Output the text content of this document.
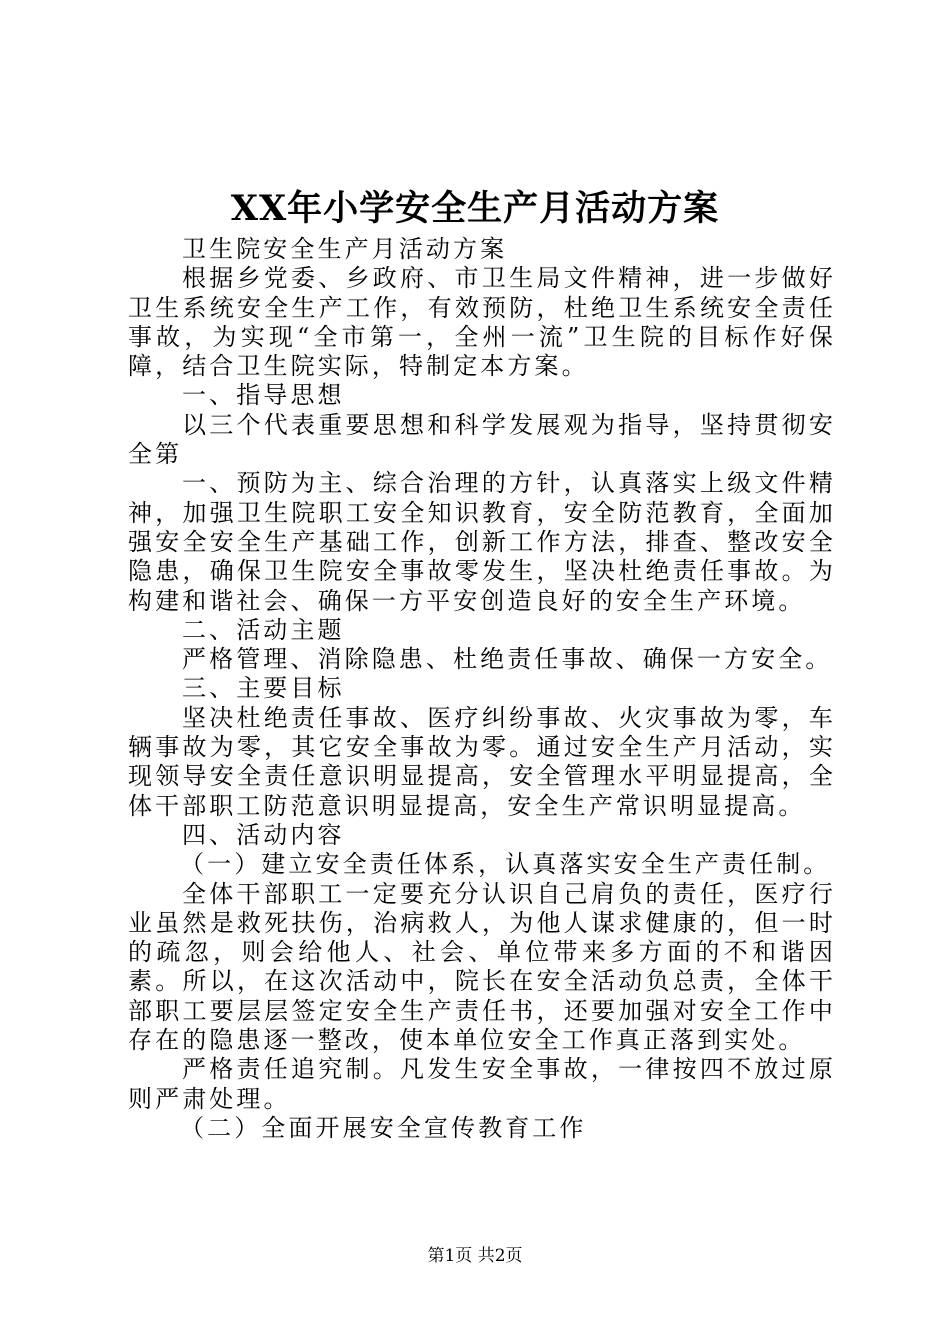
XX年小学安全生产月活动方案

卫生院安全生产月活动方案

根据乡党委、乡政府、市卫生局文件精神，进一步做好卫生系统安全生产工作，有效预防，杜绝卫生系统安全责任事故，为实现“全市第一，全州一流”卫生院的目标作好保障，结合卫生院实际，特制定本方案。

一、指导思想

以三个代表重要思想和科学发展观为指导，坚持贯彻安全第

一、预防为主、综合治理的方针，认真落实上级文件精神，加强卫生院职工安全知识教育，安全防范教育，全面加强安全安全生产基础工作，创新工作方法，排查、整改安全隐患，确保卫生院安全事故零发生，坚决杜绝责任事故。为构建和谐社会、确保一方平安创造良好的安全生产环境。

二、活动主题

严格管理、消除隐患、杜绝责任事故、确保一方安全。

三、主要目标

坚决杜绝责任事故、医疗纠纷事故、火灾事故为零，车辆事故为零，其它安全事故为零。通过安全生产月活动，实现领导安全责任意识明显提高，安全管理水平明显提高，全体干部职工防范意识明显提高，安全生产常识明显提高。

四、活动内容

（一）建立安全责任体系，认真落实安全生产责任制。

全体干部职工一定要充分认识自己肩负的责任，医疗行业虽然是救死扶伤，治病救人，为他人谋求健康的，但一时的疏忽，则会给他人、社会、单位带来多方面的不和谐因素。所以，在这次活动中，院长在安全活动负总责，全体干部职工要层层签定安全生产责任书，还要加强对安全工作中存在的隐患逐一整改，使本单位安全工作真正落到实处。

严格责任追究制。凡发生安全事故，一律按四不放过原则严肃处理。

（二）全面开展安全宣传教育工作

第1页 共2页
